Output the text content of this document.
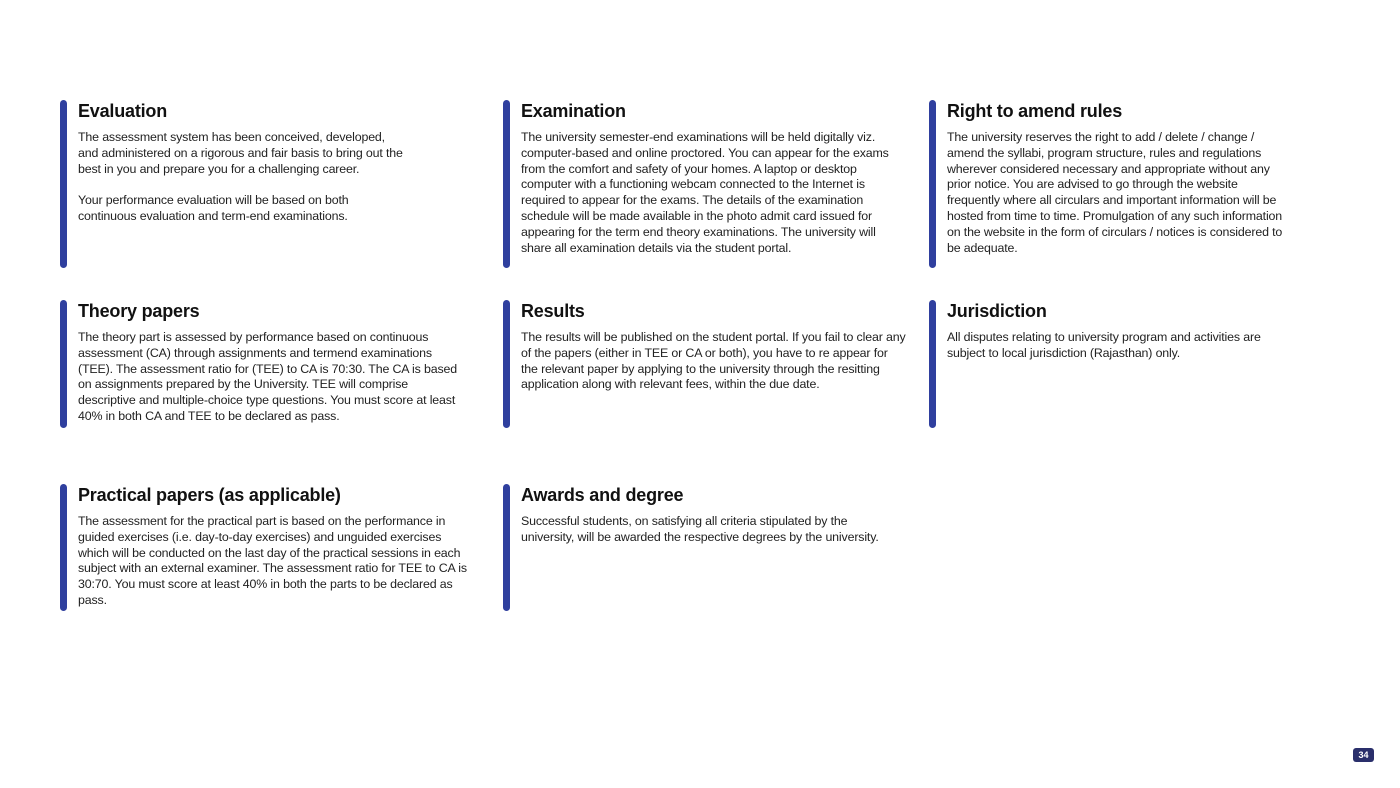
Evaluation

The assessment system has been conceived, developed, and administered on a rigorous and fair basis to bring out the best in you and prepare you for a challenging career.

Your performance evaluation will be based on both continuous evaluation and term-end examinations.

Examination

The university semester-end examinations will be held digitally viz. computer-based and online proctored. You can appear for the exams from the comfort and safety of your homes. A laptop or desktop computer with a functioning webcam connected to the Internet is required to appear for the exams. The details of the examination schedule will be made available in the photo admit card issued for appearing for the term end theory examinations. The university will share all examination details via the student portal.

Right to amend rules

The university reserves the right to add / delete / change / amend the syllabi, program structure, rules and regulations wherever considered necessary and appropriate without any prior notice. You are advised to go through the website frequently where all circulars and important information will be hosted from time to time. Promulgation of any such information on the website in the form of circulars / notices is considered to be adequate.

Theory papers

The theory part is assessed by performance based on continuous assessment (CA) through assignments and termend examinations (TEE). The assessment ratio for (TEE) to CA is 70:30. The CA is based on assignments prepared by the University. TEE will comprise descriptive and multiple-choice type questions. You must score at least 40% in both CA and TEE to be declared as pass.

Results

The results will be published on the student portal. If you fail to clear any of the papers (either in TEE or CA or both), you have to re appear for the relevant paper by applying to the university through the resitting application along with relevant fees, within the due date.

Jurisdiction

All disputes relating to university program and activities are subject to local jurisdiction (Rajasthan) only.

Practical papers (as applicable)

The assessment for the practical part is based on the performance in guided exercises (i.e. day-to-day exercises) and unguided exercises which will be conducted on the last day of the practical sessions in each subject with an external examiner. The assessment ratio for TEE to CA is 30:70. You must score at least 40% in both the parts to be declared as pass.

Awards and degree

Successful students, on satisfying all criteria stipulated by the university, will be awarded the respective degrees by the university.

34
